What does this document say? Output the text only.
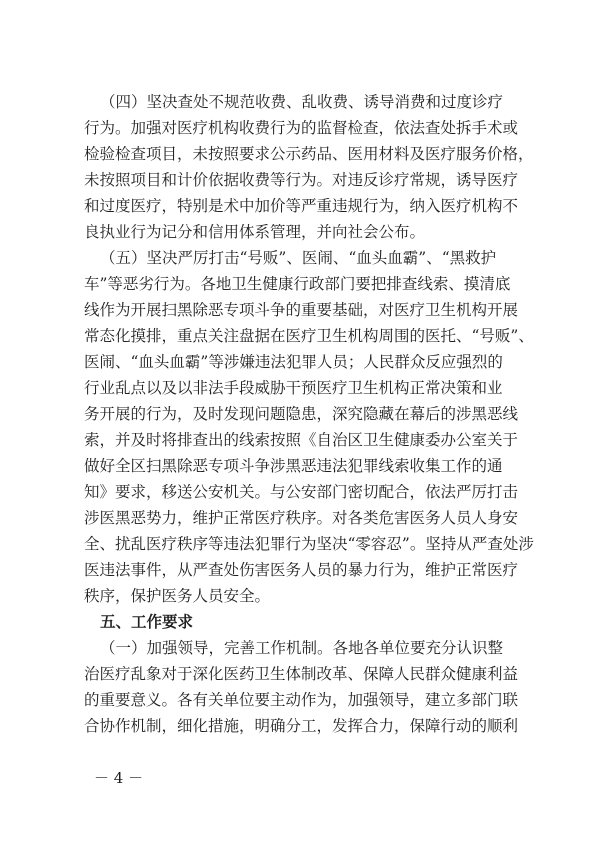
（四）坚决查处不规范收费、乱收费、诱导消费和过度诊疗
行为。加强对医疗机构收费行为的监督检查，依法查处拆手术或
检验检查项目，未按照要求公示药品、医用材料及医疗服务价格，
未按照项目和计价依据收费等行为。对违反诊疗常规，诱导医疗
和过度医疗，特别是术中加价等严重违规行为，纳入医疗机构不
良执业行为记分和信用体系管理，并向社会公布。
（五）坚决严厉打击“号贩”、医闹、“血头血霸”、“黑救护
车”等恶劣行为。各地卫生健康行政部门要把排查线索、摸清底
线作为开展扫黑除恶专项斗争的重要基础，对医疗卫生机构开展
常态化摸排，重点关注盘据在医疗卫生机构周围的医托、“号贩”、
医闹、“血头血霸”等涉嫌违法犯罪人员；人民群众反应强烈的
行业乱点以及以非法手段威胁干预医疗卫生机构正常决策和业
务开展的行为，及时发现问题隐患，深究隐藏在幕后的涉黑恶线
索，并及时将排查出的线索按照《自治区卫生健康委办公室关于
做好全区扫黑除恶专项斗争涉黑恶违法犯罪线索收集工作的通
知》要求，移送公安机关。与公安部门密切配合，依法严厉打击
涉医黑恶势力，维护正常医疗秩序。对各类危害医务人员人身安
全、扰乱医疗秩序等违法犯罪行为坚决“零容忍”。坚持从严查处涉
医违法事件，从严查处伤害医务人员的暴力行为，维护正常医疗
秩序，保护医务人员安全。
五、工作要求
（一）加强领导，完善工作机制。各地各单位要充分认识整
治医疗乱象对于深化医药卫生体制改革、保障人民群众健康利益
的重要意义。各有关单位要主动作为，加强领导，建立多部门联
合协作机制，细化措施，明确分工，发挥合力，保障行动的顺利
－ 4 －
